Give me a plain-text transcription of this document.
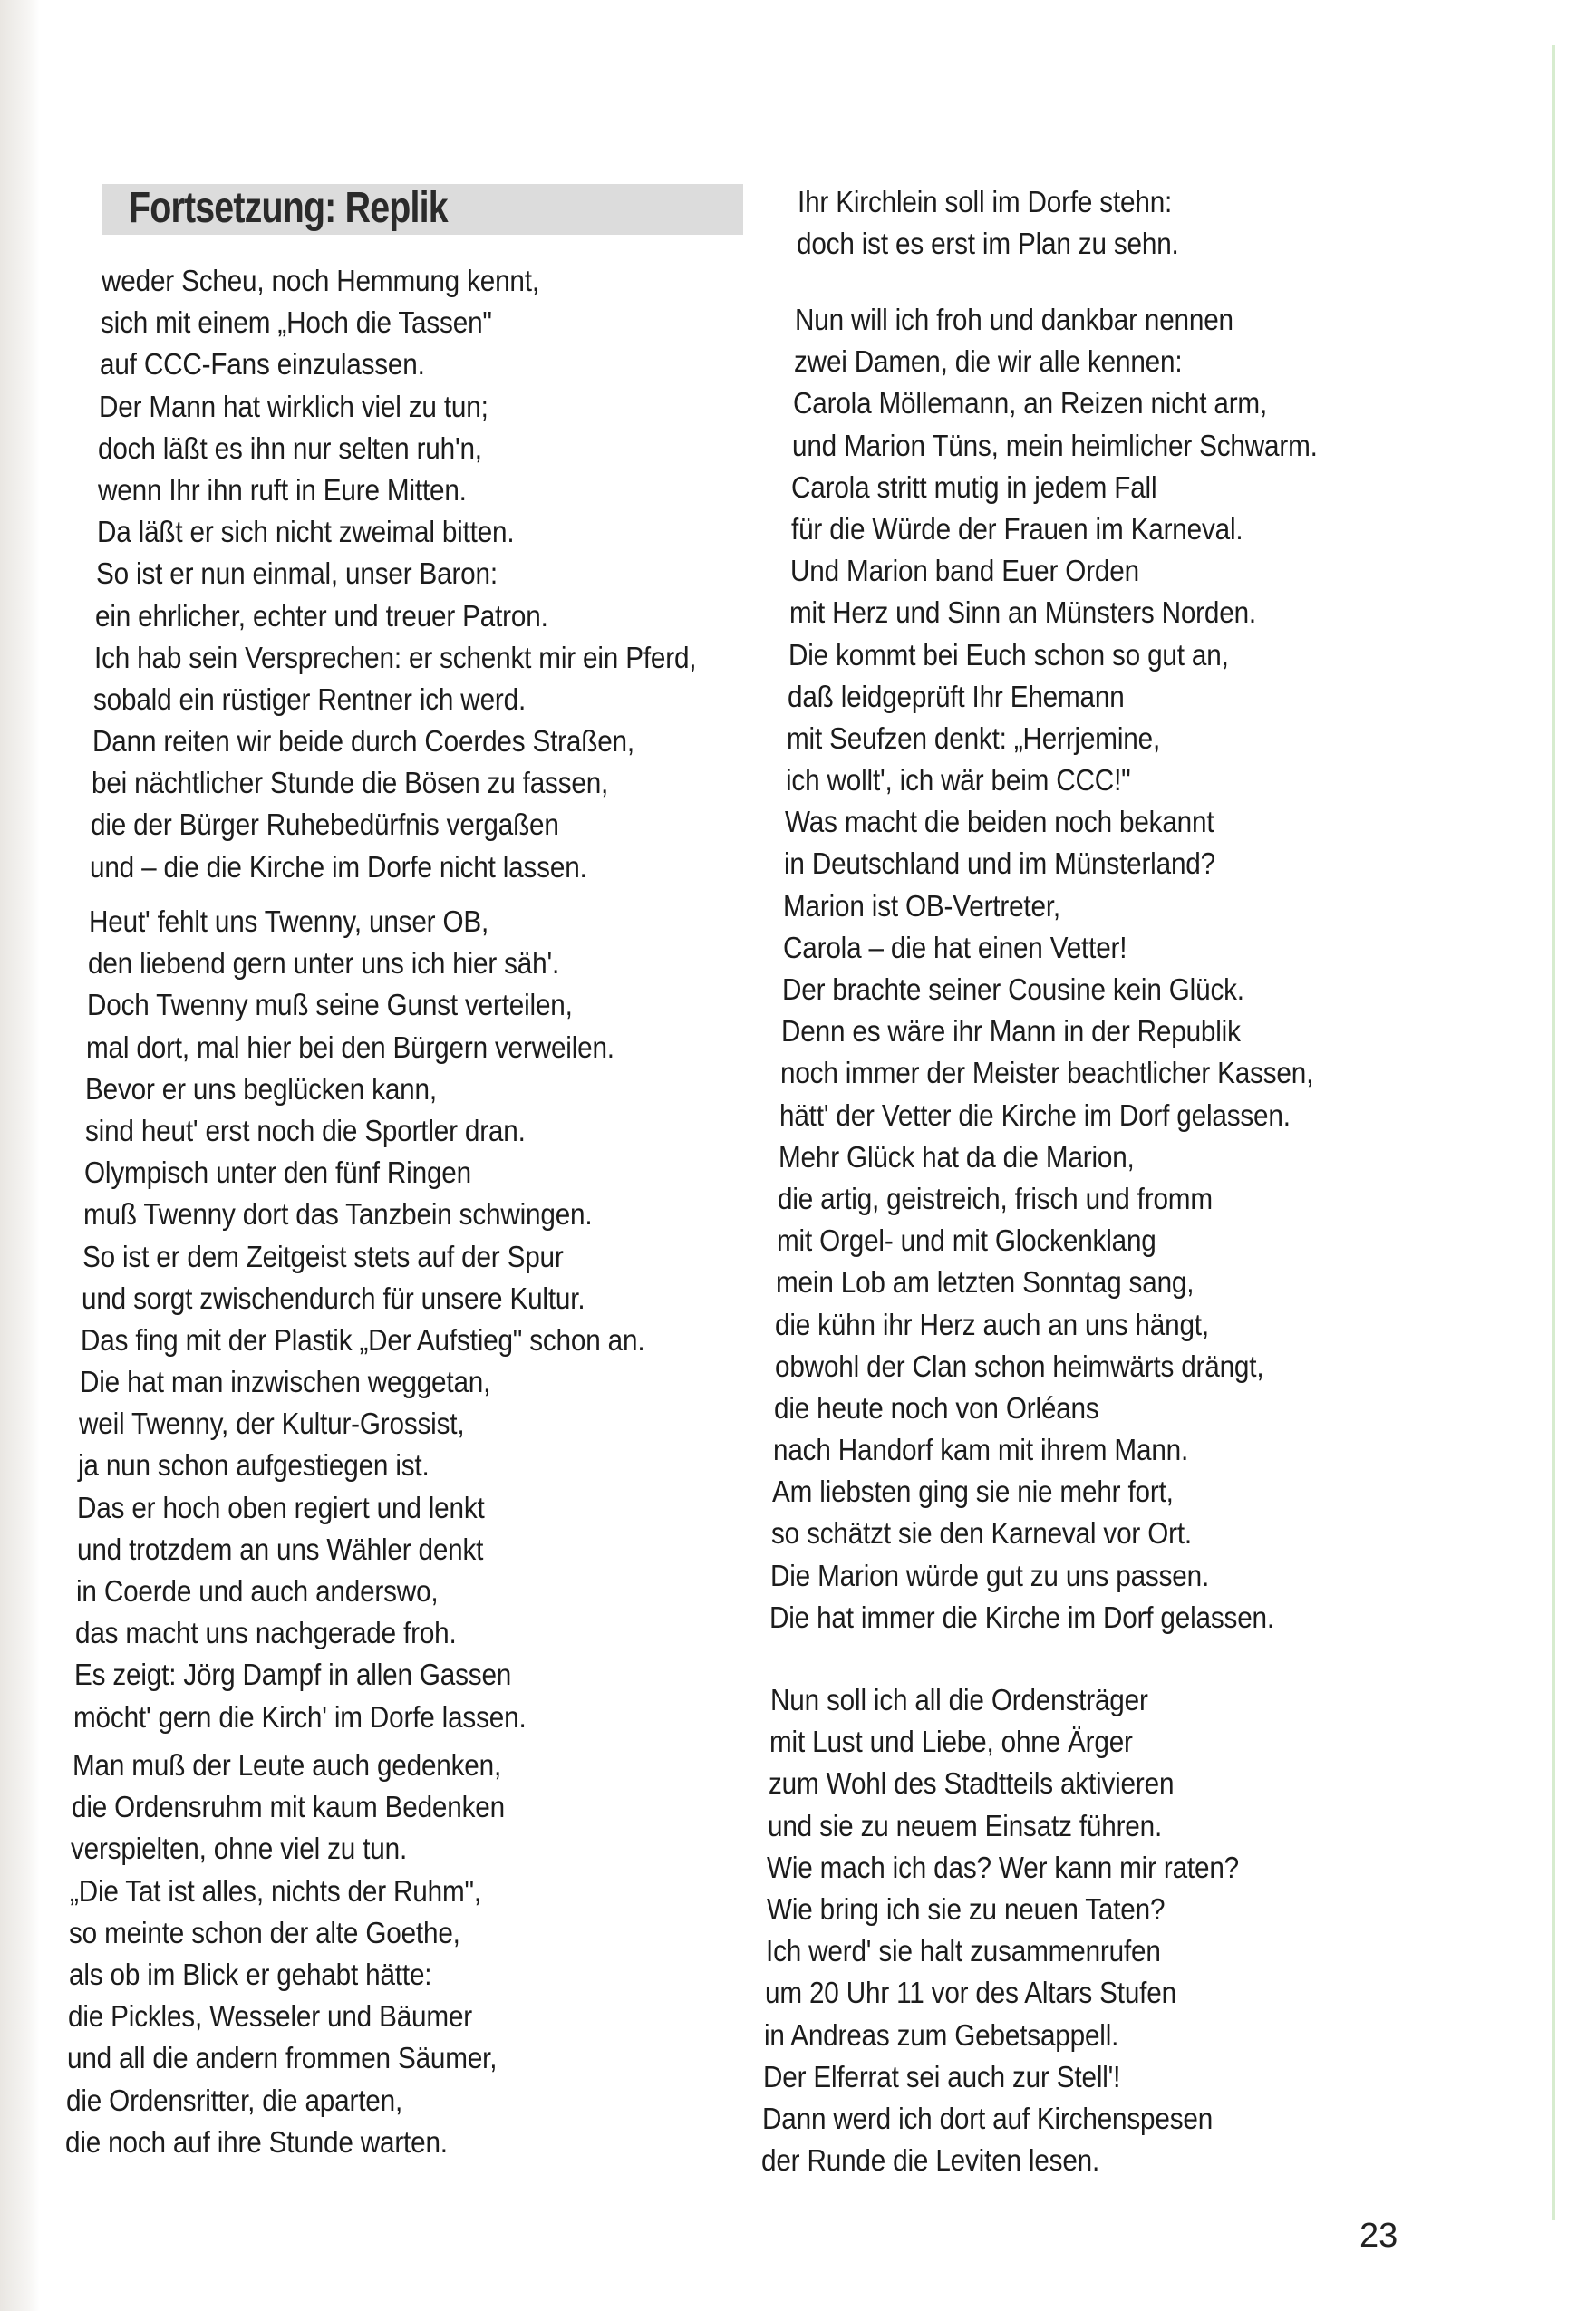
Fortsetzung: Replik
weder Scheu, noch Hemmung kennt,
sich mit einem „Hoch die Tassen"
auf CCC-Fans einzulassen.
Der Mann hat wirklich viel zu tun;
doch läßt es ihn nur selten ruh'n,
wenn Ihr ihn ruft in Eure Mitten.
Da läßt er sich nicht zweimal bitten.
So ist er nun einmal, unser Baron:
ein ehrlicher, echter und treuer Patron.
Ich hab sein Versprechen: er schenkt mir ein Pferd,
sobald ein rüstiger Rentner ich werd.
Dann reiten wir beide durch Coerdes Straßen,
bei nächtlicher Stunde die Bösen zu fassen,
die der Bürger Ruhebedürfnis vergaßen
und – die die Kirche im Dorfe nicht lassen.
Heut' fehlt uns Twenny, unser OB,
den liebend gern unter uns ich hier säh'.
Doch Twenny muß seine Gunst verteilen,
mal dort, mal hier bei den Bürgern verweilen.
Bevor er uns beglücken kann,
sind heut' erst noch die Sportler dran.
Olympisch unter den fünf Ringen
muß Twenny dort das Tanzbein schwingen.
So ist er dem Zeitgeist stets auf der Spur
und sorgt zwischendurch für unsere Kultur.
Das fing mit der Plastik „Der Aufstieg" schon an.
Die hat man inzwischen weggetan,
weil Twenny, der Kultur-Grossist,
ja nun schon aufgestiegen ist.
Das er hoch oben regiert und lenkt
und trotzdem an uns Wähler denkt
in Coerde und auch anderswo,
das macht uns nachgerade froh.
Es zeigt: Jörg Dampf in allen Gassen
möcht' gern die Kirch' im Dorfe lassen.
Man muß der Leute auch gedenken,
die Ordensruhm mit kaum Bedenken
verspielten, ohne viel zu tun.
„Die Tat ist alles, nichts der Ruhm",
so meinte schon der alte Goethe,
als ob im Blick er gehabt hätte:
die Pickles, Wesseler und Bäumer
und all die andern frommen Säumer,
die Ordensritter, die aparten,
die noch auf ihre Stunde warten.
Ihr Kirchlein soll im Dorfe stehn:
doch ist es erst im Plan zu sehn.
Nun will ich froh und dankbar nennen
zwei Damen, die wir alle kennen:
Carola Möllemann, an Reizen nicht arm,
und Marion Tüns, mein heimlicher Schwarm.
Carola stritt mutig in jedem Fall
für die Würde der Frauen im Karneval.
Und Marion band Euer Orden
mit Herz und Sinn an Münsters Norden.
Die kommt bei Euch schon so gut an,
daß leidgeprüft Ihr Ehemann
mit Seufzen denkt: „Herrjemine,
ich wollt', ich wär beim CCC!"
Was macht die beiden noch bekannt
in Deutschland und im Münsterland?
Marion ist OB-Vertreter,
Carola – die hat einen Vetter!
Der brachte seiner Cousine kein Glück.
Denn es wäre ihr Mann in der Republik
noch immer der Meister beachtlicher Kassen,
hätt' der Vetter die Kirche im Dorf gelassen.
Mehr Glück hat da die Marion,
die artig, geistreich, frisch und fromm
mit Orgel- und mit Glockenklang
mein Lob am letzten Sonntag sang,
die kühn ihr Herz auch an uns hängt,
obwohl der Clan schon heimwärts drängt,
die heute noch von Orléans
nach Handorf kam mit ihrem Mann.
Am liebsten ging sie nie mehr fort,
so schätzt sie den Karneval vor Ort.
Die Marion würde gut zu uns passen.
Die hat immer die Kirche im Dorf gelassen.
Nun soll ich all die Ordensträger
mit Lust und Liebe, ohne Ärger
zum Wohl des Stadtteils aktivieren
und sie zu neuem Einsatz führen.
Wie mach ich das? Wer kann mir raten?
Wie bring ich sie zu neuen Taten?
Ich werd' sie halt zusammenrufen
um 20 Uhr 11 vor des Altars Stufen
in Andreas zum Gebetsappell.
Der Elferrat sei auch zur Stell'!
Dann werd ich dort auf Kirchenspesen
der Runde die Leviten lesen.
23
